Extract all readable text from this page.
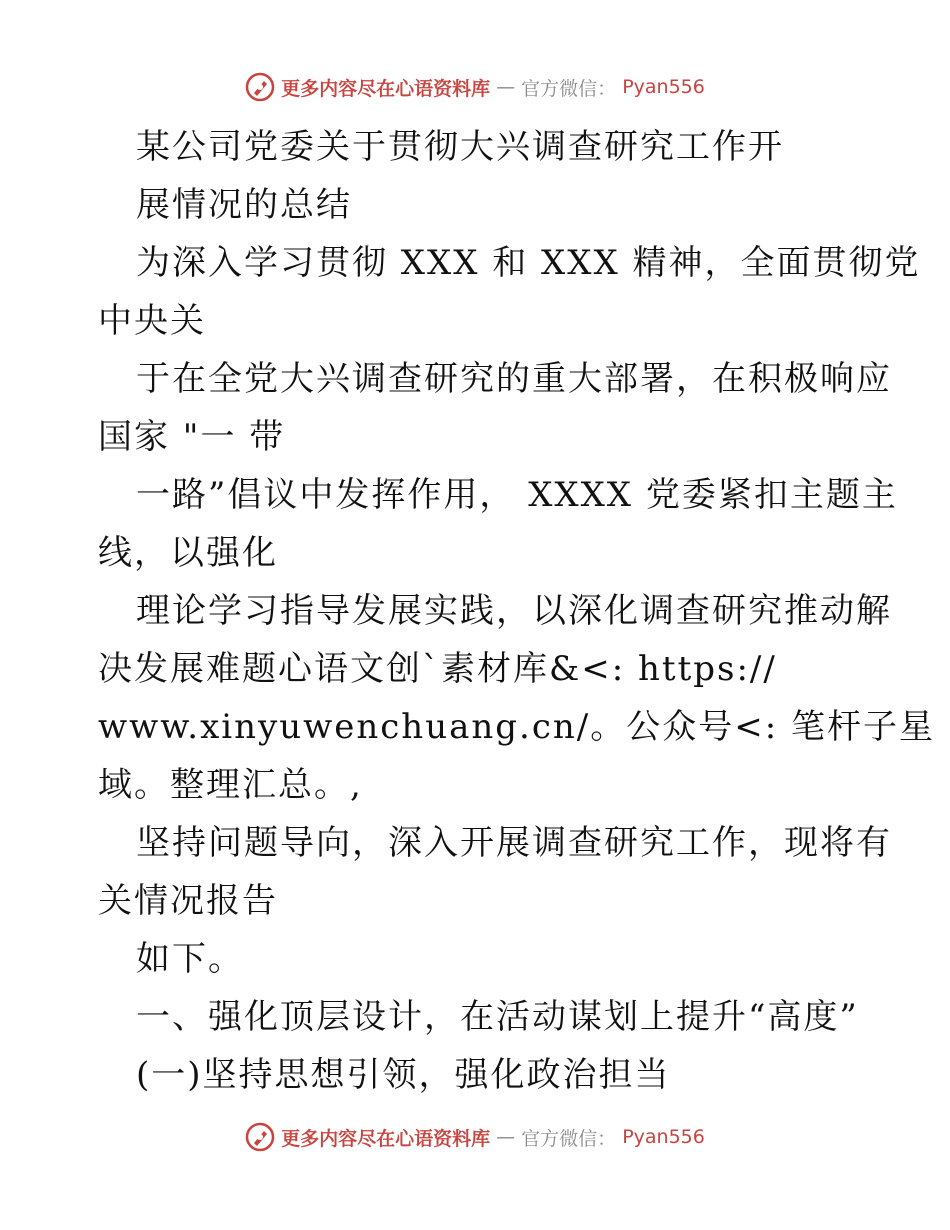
更多内容尽在心语资料库 — 官方微信： Pyan556
某公司党委关于贯彻大兴调查研究工作开
展情况的总结
为深入学习贯彻 XXX 和 XXX 精神，全面贯彻党
中央关
于在全党大兴调查研究的重大部署，在积极响应
国家 "一 带
一路”倡议中发挥作用， XXXX 党委紧扣主题主
线，以强化
理论学习指导发展实践，以深化调查研究推动解
决发展难题心语文创`素材库&<: https://
www.xinyuwenchuang.cn/。公众号<: 笔杆子星
域。整理汇总。,
坚持问题导向，深入开展调查研究工作，现将有
关情况报告
如下。
一、强化顶层设计，在活动谋划上提升“高度”
(一)坚持思想引领，强化政治担当
更多内容尽在心语资料库 — 官方微信： Pyan556
